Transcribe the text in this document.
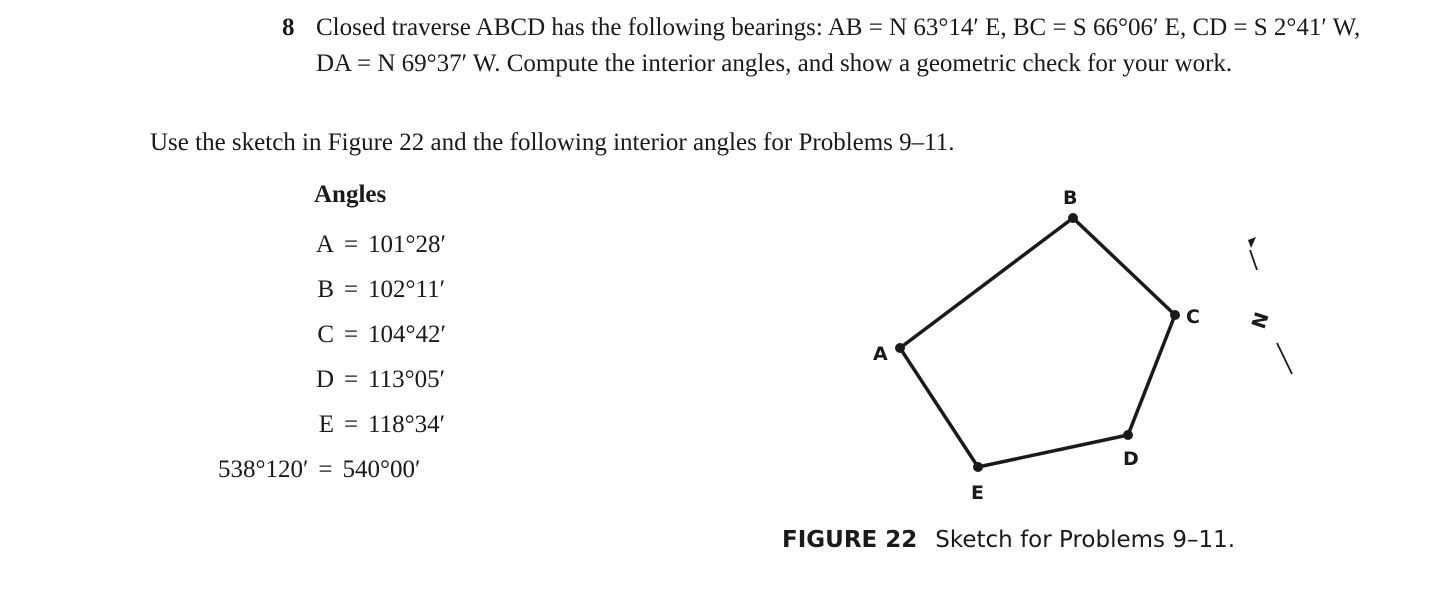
8 Closed traverse ABCD has the following bearings: AB = N 63°14′ E, BC = S 66°06′ E, CD = S 2°41′ W, DA = N 69°37′ W. Compute the interior angles, and show a geometric check for your work.
Use the sketch in Figure 22 and the following interior angles for Problems 9–11.
Angles
A = 101°28′
B = 102°11′
C = 104°42′
D = 113°05′
E = 118°34′
538°120′ = 540°00′
A
B
C
D
E
N
FIGURE 22 Sketch for Problems 9–11.
